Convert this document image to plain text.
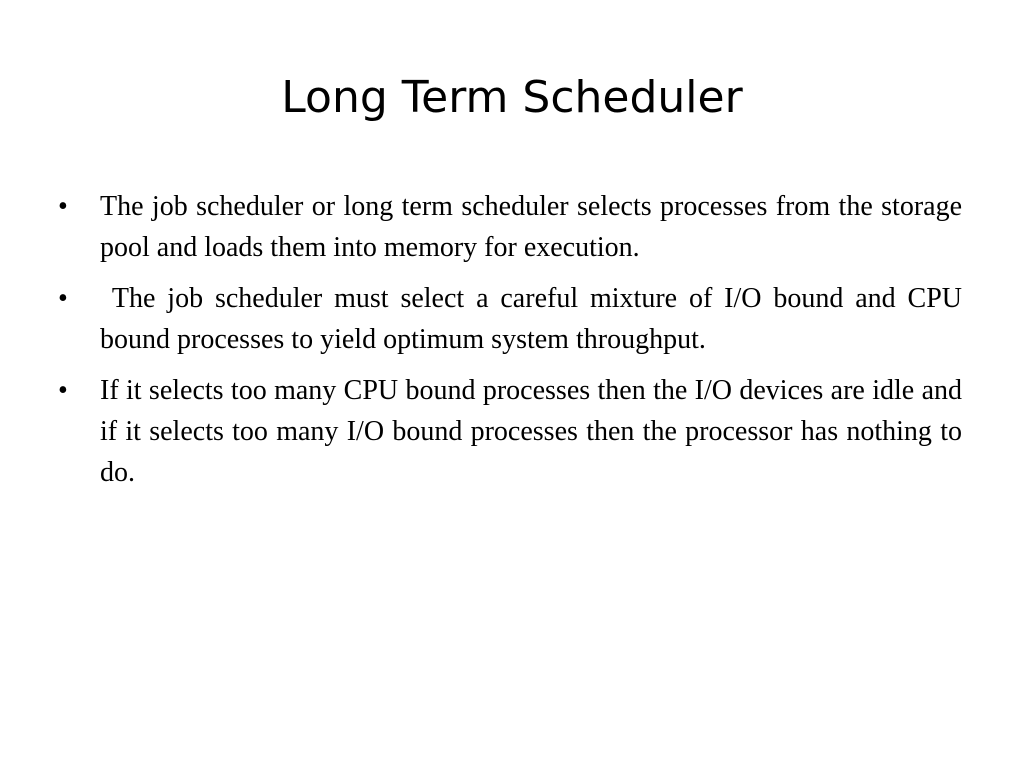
Long Term Scheduler
•	The job scheduler or long term scheduler selects processes from the storage pool and loads them into memory for execution.
•	The job scheduler must select a careful mixture of I/O bound and CPU bound processes to yield optimum system throughput.
•	If it selects too many CPU bound processes then the I/O devices are idle and if it selects too many I/O bound processes then the processor has nothing to do.
